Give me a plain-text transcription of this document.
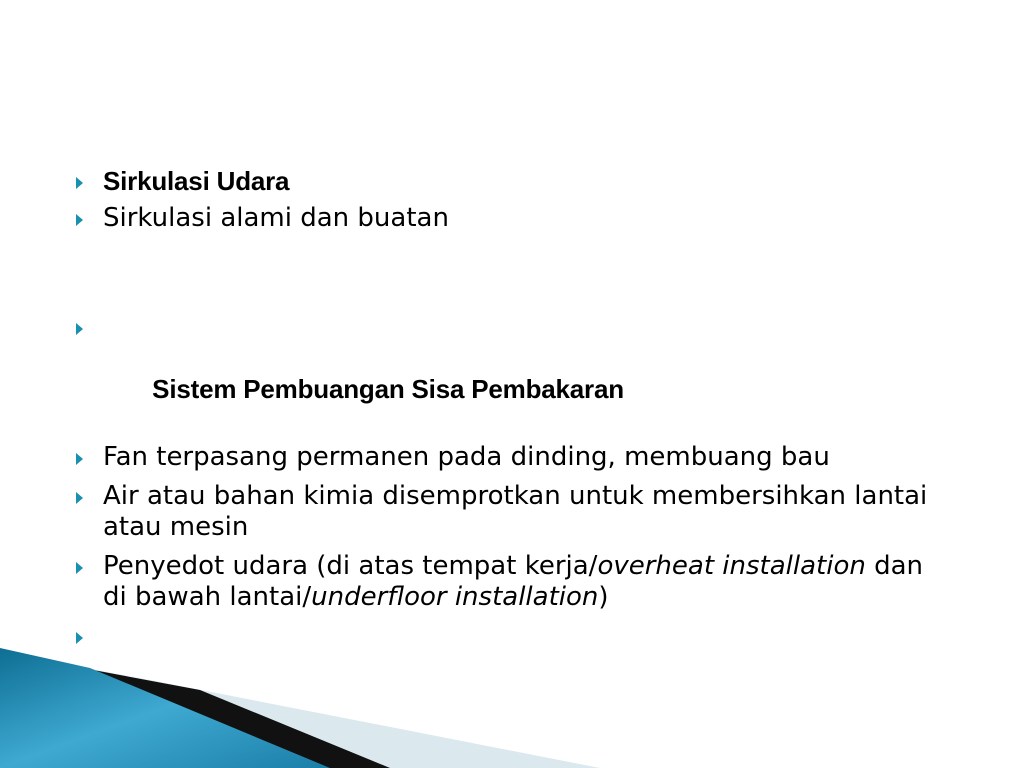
Sirkulasi Udara
Sirkulasi alami dan buatan

Sistem Pembuangan Sisa Pembakaran

Fan terpasang permanen pada dinding, membuang bau
Air atau bahan kimia disemprotkan untuk membersihkan lantai atau mesin
Penyedot udara (di atas tempat kerja/overheat installation dan di bawah lantai/underfloor installation)
